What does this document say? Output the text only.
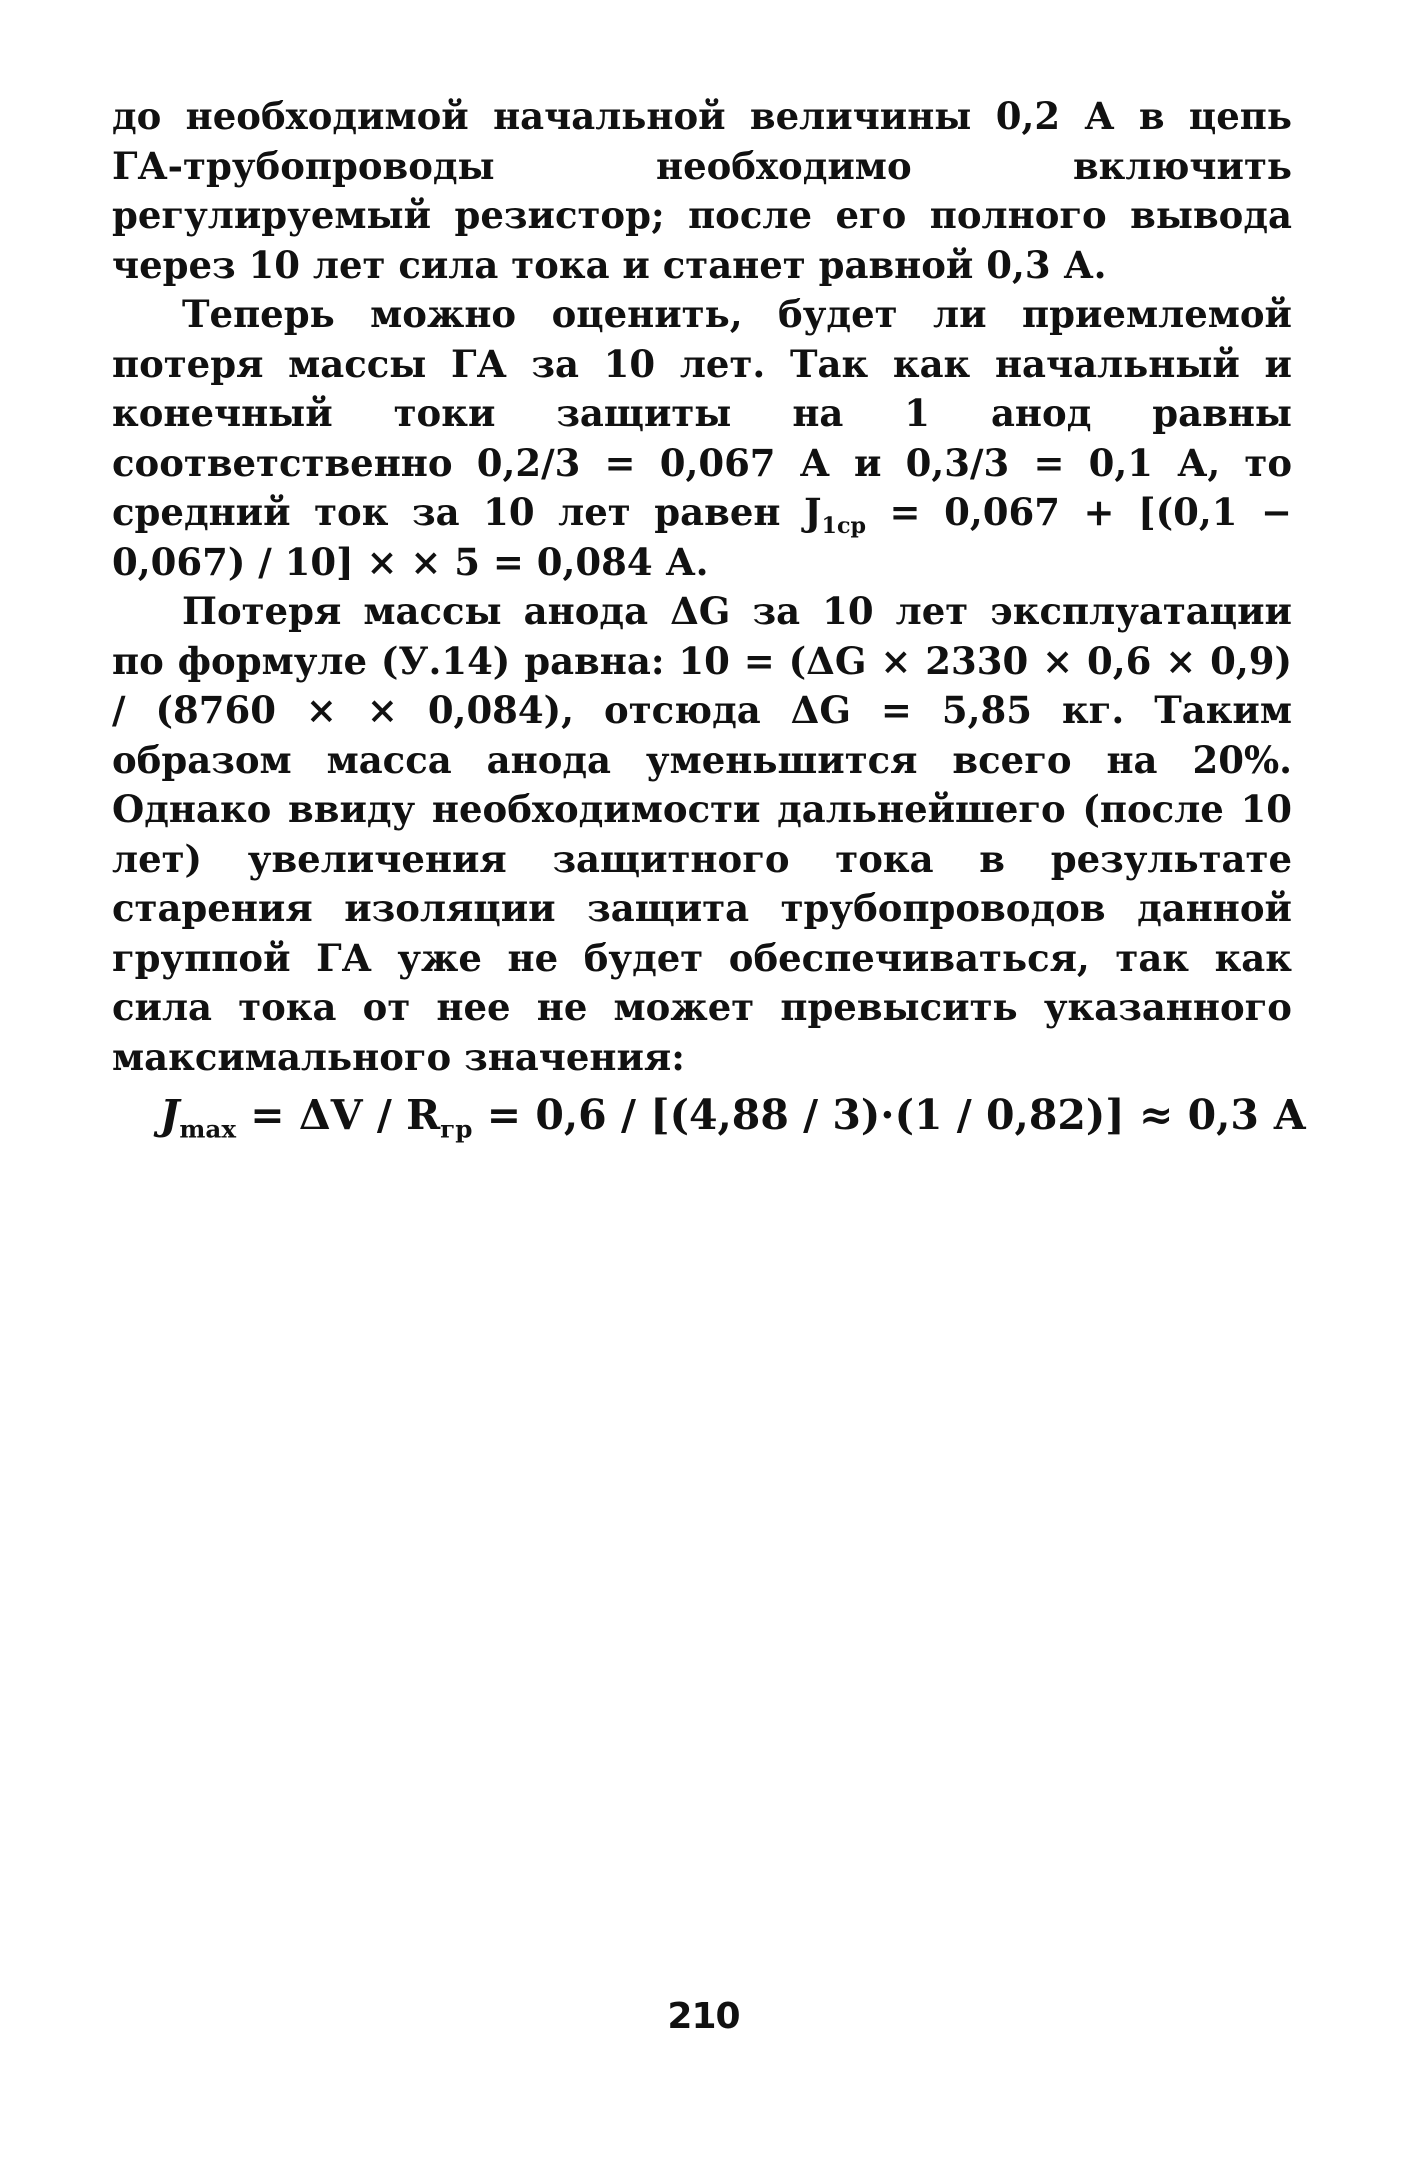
до необходимой начальной величины 0,2 А в цепь ГА-трубопроводы необходимо включить регулируемый резистор; после его полного вывода через 10 лет сила тока и станет равной 0,3 А.

Теперь можно оценить, будет ли приемлемой потеря массы ГА за 10 лет. Так как начальный и конечный токи защиты на 1 анод равны соответственно 0,2/3 = 0,067 А и 0,3/3 = 0,1 А, то средний ток за 10 лет равен $J_{1ср} = 0,067 + [(0,1 - 0,067) / 10]$ × × 5 = 0,084 А.

Потеря массы анода ΔG за 10 лет эксплуатации по формуле (У.14) равна: 10 = (ΔG × 2330 × 0,6 × 0,9) / (8760 × × 0,084), отсюда ΔG = 5,85 кг. Таким образом масса анода уменьшится всего на 20%. Однако ввиду необходимости дальнейшего (после 10 лет) увеличения защитного тока в результате старения изоляции защита трубопроводов данной группой ГА уже не будет обеспечиваться, так как сила тока от нее не может превысить указанного максимального значения:

$J_{max} = \Delta V / R_{гр} = 0,6 / [(4,88 / 3)\cdot(1 / 0,82)] \approx 0,3$ А
210
